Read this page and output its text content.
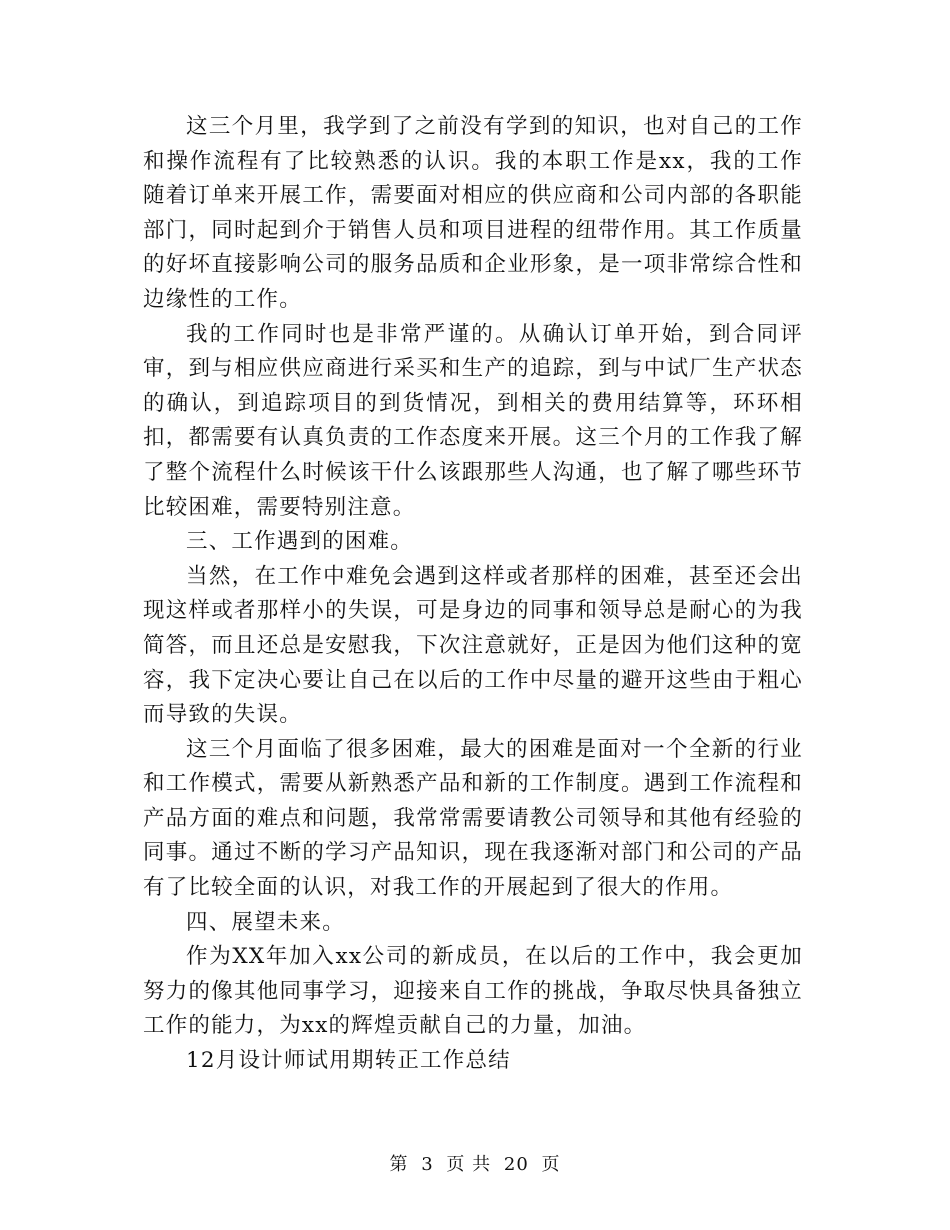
这三个月里，我学到了之前没有学到的知识，也对自己的工作和操作流程有了比较熟悉的认识。我的本职工作是xx，我的工作随着订单来开展工作，需要面对相应的供应商和公司内部的各职能部门，同时起到介于销售人员和项目进程的纽带作用。其工作质量的好坏直接影响公司的服务品质和企业形象，是一项非常综合性和边缘性的工作。

我的工作同时也是非常严谨的。从确认订单开始，到合同评审，到与相应供应商进行采买和生产的追踪，到与中试厂生产状态的确认，到追踪项目的到货情况，到相关的费用结算等，环环相扣，都需要有认真负责的工作态度来开展。这三个月的工作我了解了整个流程什么时候该干什么该跟那些人沟通，也了解了哪些环节比较困难，需要特别注意。

三、工作遇到的困难。

当然，在工作中难免会遇到这样或者那样的困难，甚至还会出现这样或者那样小的失误，可是身边的同事和领导总是耐心的为我简答，而且还总是安慰我，下次注意就好，正是因为他们这种的宽容，我下定决心要让自己在以后的工作中尽量的避开这些由于粗心而导致的失误。

这三个月面临了很多困难，最大的困难是面对一个全新的行业和工作模式，需要从新熟悉产品和新的工作制度。遇到工作流程和产品方面的难点和问题，我常常需要请教公司领导和其他有经验的同事。通过不断的学习产品知识，现在我逐渐对部门和公司的产品有了比较全面的认识，对我工作的开展起到了很大的作用。

四、展望未来。

作为XX年加入xx公司的新成员，在以后的工作中，我会更加努力的像其他同事学习，迎接来自工作的挑战，争取尽快具备独立工作的能力，为xx的辉煌贡献自己的力量，加油。

12月设计师试用期转正工作总结

第 3 页 共 20 页
